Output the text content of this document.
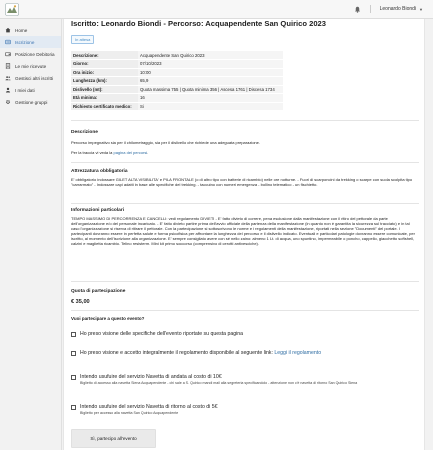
Leonardo Biondi ▼
Home
Iscrizione
Posizione Debitoria
Le mie ricevute
Gestisci altri iscritti
I miei dati
Gestione gruppi
Iscritto: Leonardo Biondi - Percorso: Acquapendente San Quirico 2023
In attesa
Descrizione:	Acquapendente San Quirico 2023
Giorno:	07/10/2023
Ora inizio:	10:00
Lunghezza (km):	65,9
Dislivello (mt):	Quota massima 755 | Quota minima 356 | Ascesa 1761 | Discesa 1734
Età minima:	16
Richiesto certificato medico:	Si
Descrizione
Percorso impegnativo sia per il chilometraggio, sia per il dislivello che richiede una adeguata preparazione.
Per la traccia vi veda la pagina dei percorsi.
Attrezzatura obbligatoria
E' obbligatorio indossare GILET ALTA VISIBILITA' e PILA FRONTALE (o di altro tipo con batterie di ricambio) nelle ore notturne. - Fuori di scarponcini da trekking o scarpe con suola scolpita tipo "carrarmato" - Indossare capi adatti in base alle specifiche del trekking. - taccuino con numeri emergenza - bollino telematico - un fischietto.
Informazioni particolari
TEMPO MASSIMO DI PERCORRENZA E CANCELLI: vedi regolamento DIVIETI - E' fatto divieto di correre, pena esclusione dalla manifestazione con il ritiro del pettorale da parte dell'organizzazione e/o del personale incaricato. - E' fatto divieto partire prima dell'avvio ufficiale della partenza della manifestazione (in quanto non è garantita la sicurezza sul tracciato) e in tal caso l'organizzazione si riserva di ritirare il pettorale. Con la partecipazione si sottoscrivono le norme e i regolamenti della manifestazione, riportati nella sezione "Documenti" del portale. I partecipanti dovranno essere in perfetta salute e forma psicofisica per affrontare la lunghezza del percorso e il dislivello indicato. Eventuali e particolari patologie dovranno essere comunicate, per iscritto, al momento dell'iscrizione alla organizzazione. E' sempre consigliato avere con sé nello zaino: almeno 1 Lt. di acqua, uno spuntino, impermeabile o poncho, cappello, giacchetto softshell, calzini e maglietta ricambio. Telino resisterm. Mini kit primo soccorso (comprensivo di cerotti antivesciche).
Quota di partecipazione
€ 35,00
Vuoi partecipare a questo evento?
Ho preso visione delle specifiche dell'evento riportate su questa pagina
Ho preso visione e accetto integralmente il regolamento disponibile al seguente link: Leggi il regolamento
Intendo usufuire del servizio Navetta di andata al costo di 10€
Biglietto di accesso alla navetta Siena Acquapendente - chi sale a S. Quirico mandi mail alla segreteria specificandolo - attenzione non c'è navetta di ritorno San Quirico Siena
Intendo usufuire del servizio Navetta di ritorno al costo di 5€
Biglietto per accesso alla navetta San Quirico Acquapendente
Sì, partecipo all'evento
